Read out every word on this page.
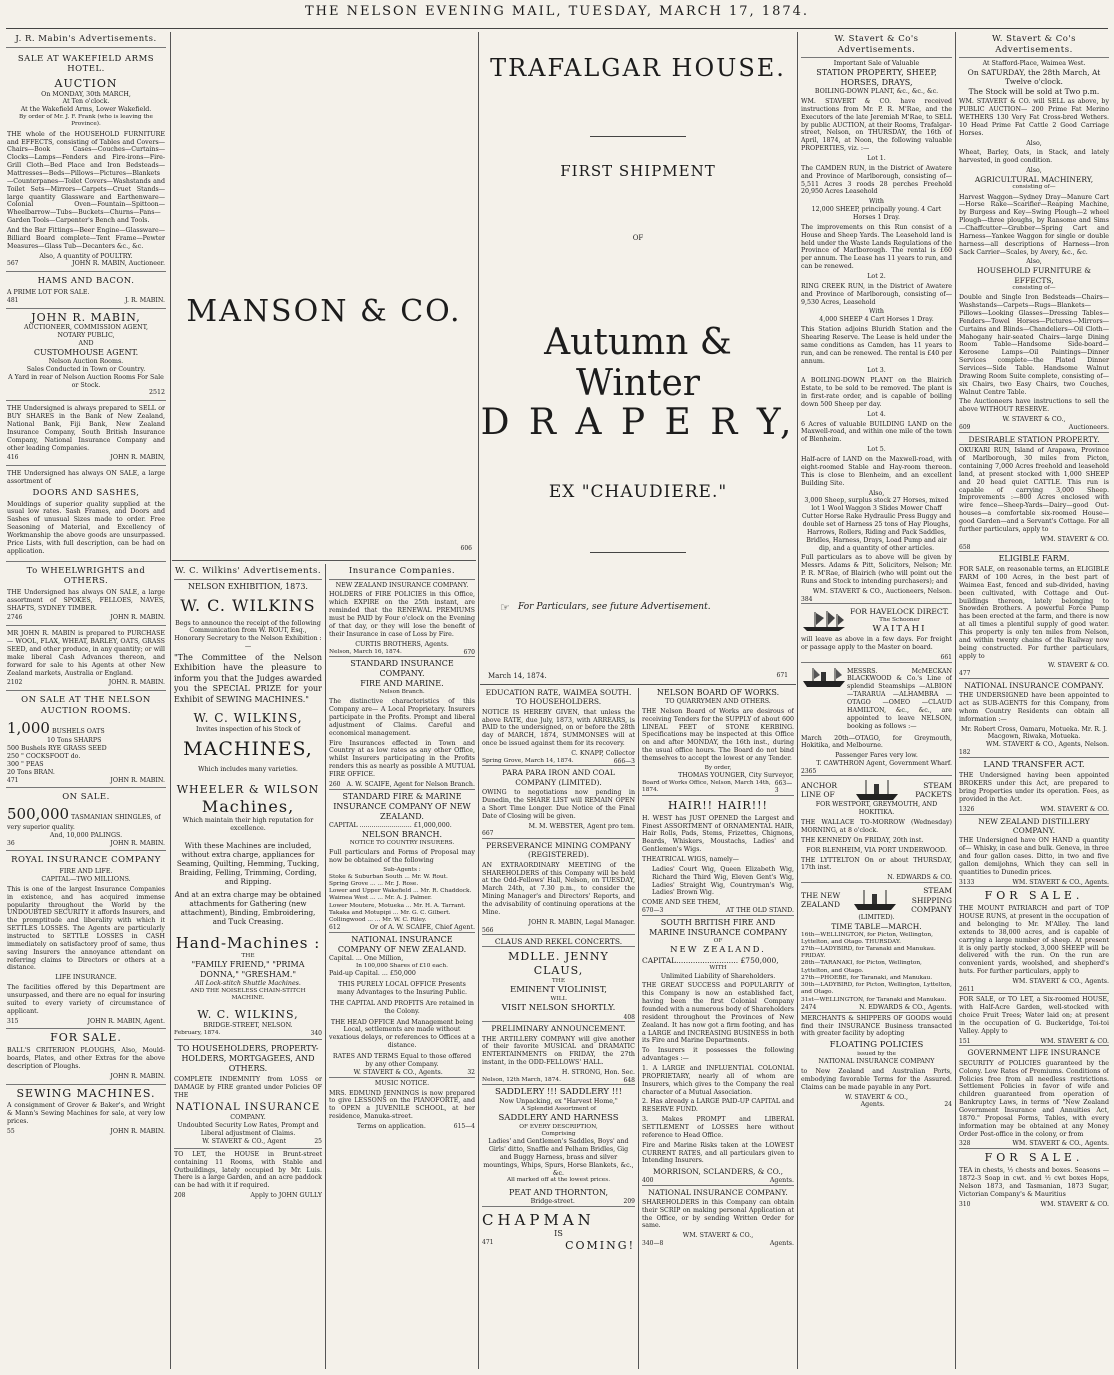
THE NELSON EVENING MAIL, TUESDAY, MARCH 17, 1874.
J. R. Mabin's Advertisements.
SALE AT WAKEFIELD ARMS HOTEL.
AUCTION
On MONDAY, 30th MARCH,
At Ten o'clock.
At the Wakefield Arms, Lower Wakefield.
By order of Mr. J. F. Frank (who is leaving the Province).
THE whole of the HOUSEHOLD FURNITURE and EFFECTS, consisting of Tables and Covers—Chairs—Book Cases—Couches—Curtains—Clocks—Lamps—Fenders and Fire-irons—Fire-Grill Cloth—Bed Place and Iron Bedsteads—Mattresses—Beds—Pillows—Pictures—Blankets—Counterpanes—Toilet Covers—Washstands and Toilet Sets—Mirrors—Carpets—Cruet Stands—large quantity Glassware and Earthenware—Colonial Oven—Fountain—Spittoon—Wheelbarrow—Tubs—Buckets—Churns—Pans—Garden Tools—Carpenter's Bench and Tools.
And the Bar Fittings—Beer Engine—Glassware—Billiard Board complete—Tent Frame—Pewter Measures—Glass Tub—Decanters &c., &c.
Also, A quantity of POULTRY.
567	JOHN R. MABIN, Auctioneer.
HAMS AND BACON.
A PRIME LOT FOR SALE.
481	J. R. MABIN.
JOHN R. MABIN,
AUCTIONEER, COMMISSION AGENT,
NOTARY PUBLIC,
AND
CUSTOMHOUSE AGENT.
Nelson Auction Rooms.
Sales Conducted in Town or Country.
A Yard in rear of Nelson Auction Rooms For Sale or Stock.
2512
THE Undersigned is always prepared to SELL or BUY SHARES in the Bank of New Zealand, National Bank, Fiji Bank, New Zealand Insurance Company, South British Insurance Company, National Insurance Company and other leading Companies.
416	JOHN R. MABIN,
THE Undersigned has always ON SALE, a large assortment of
DOORS AND SASHES,
Mouldings of superior quality supplied at the usual low rates. Sash Frames, and Doors and Sashes of unusual Sizes made to order. Free Seasoning of Material, and Excellency of Workmanship the above goods are unsurpassed. Price Lists, with full description, can be had on application.
To WHEELWRIGHTS and OTHERS.
THE Undersigned has always ON SALE, a large assortment of SPOKES, FELLOES, NAVES, SHAFTS, SYDNEY TIMBER.
2746	JOHN R. MABIN.
MR JOHN R. MABIN is prepared to PURCHASE— WOOL, FLAX, WHEAT, BARLEY, OATS, GRASS SEED, and other produce, in any quantity; or will make liberal Cash Advances thereon, and forward for sale to his Agents at other New Zealand markets, Australia or England.
2102	JOHN. R. MABIN.
ON SALE AT THE NELSON AUCTION ROOMS.
1,000 BUSHELS OATS
10 Tons SHARPS
500 Bushels RYE GRASS SEED
250 " COCKSFOOT do.
300 " PEAS
20 Tons BRAN.
471	JOHN R. MABIN.
ON SALE.
500,000 TASMANIAN SHINGLES, of very superior quality.
And, 10,000 PALINGS.
36	JOHN R. MABIN.
ROYAL INSURANCE COMPANY
FIRE AND LIFE.
CAPITAL—TWO MILLIONS.
This is one of the largest Insurance Companies in existence, and has acquired immense popularity throughout the World by the UNDOUBTED SECURITY it affords Insurers, and the promptitude and liberality with which it SETTLES LOSSES. The Agents are particularly instructed to SETTLE LOSSES in CASH immediately on satisfactory proof of same, thus saving Insurers the annoyance attendant on referring claims to Directors or others at a distance.
LIFE INSURANCE.
The facilities offered by this Department are unsurpassed, and there are no equal for insuring suited to every variety of circumstance of applicant.
315	JOHN R. MABIN, Agent.
FOR SALE.
BALL'S CRITERION PLOUGHS, Also, Mould-boards, Plates, and other Extras for the above description of Ploughs.
JOHN R. MABIN.
SEWING MACHINES.
A consignment of Grover & Baker's, and Wright & Mann's Sewing Machines for sale, at very low prices.
55	JOHN R. MABIN.
MANSON & CO.
606
W. C. Wilkins' Advertisements.
NELSON EXHIBITION, 1873.
W. C. WILKINS
Begs to announce the receipt of the following Communication from W. ROUT, Esq., Honorary Secretary to the Nelson Exhibition :—
"The Committee of the Nelson Exhibition have the pleasure to inform you that the Judges awarded you the SPECIAL PRIZE for your Exhibit of SEWING MACHINES."
W. C. WILKINS,
Invites inspection of his Stock of
MACHINES,
Which includes many varieties.
WHEELER & WILSON
Machines,
Which maintain their high reputation for excellence.
With these Machines are included, without extra charge, appliances for Seaming, Quilting, Hemming, Tucking, Braiding, Felling, Trimming, Cording, and Ripping.
And at an extra charge may be obtained attachments for Gathering (new attachment), Binding, Embroidering, and Tuck Creasing.
Hand-Machines :
THE
"FAMILY FRIEND," "PRIMA DONNA," "GRESHAM."
All Lock-stitch Shuttle Machines.
AND THE NOISELESS CHAIN-STITCH MACHINE.
W. C. WILKINS,
BRIDGE-STREET, NELSON.
February, 1874.	340
TO HOUSEHOLDERS, PROPERTY-HOLDERS, MORTGAGEES, AND OTHERS.
COMPLETE INDEMNITY from LOSS or DAMAGE by FIRE granted under Policies OF THE
NATIONAL INSURANCE
COMPANY.
Undoubted Security Low Rates, Prompt and Liberal adjustment of Claims.
W. STAVERT & CO., Agent	25
TO LET, the HOUSE in Brunt-street containing 11 Rooms, with Stable and Outbuildings, lately occupied by Mr. Luis. There is a large Garden, and an acre paddock can be had with it if required.
208	Apply to JOHN GULLY
Insurance Companies.
NEW ZEALAND INSURANCE COMPANY.
HOLDERS of FIRE POLICIES in this Office, which EXPIRE on the 25th instant, are reminded that the RENEWAL PREMIUMS must be PAID by Four o'clock on the Evening of that day, or they will lose the benefit of their Insurance in case of Loss by Fire.
CURTIS BROTHERS, Agents.
Nelson, March 16, 1874.	670
STANDARD INSURANCE COMPANY.
FIRE AND MARINE.
Nelson Branch.
The distinctive characteristics of this Company are— A Local Proprietary. Insurers participate in the Profits. Prompt and liberal adjustment of Claims. Careful and economical management.
Fire Insurances effected in Town and Country at as low rates as any other Office, whilst Insurers participating in the Profits renders this as nearly as possible A MUTUAL FIRE OFFICE.
260 A. W. SCAIFE, Agent for Nelson Branch.
STANDARD FIRE & MARINE INSURANCE COMPANY OF NEW ZEALAND.
CAPITAL .......................... £1,000,000.
NELSON BRANCH.
NOTICE TO COUNTRY INSURERS.
Full particulars and Forms of Proposal may now be obtained of the following
Sub-Agents :
Stoke & Suburban South ... Mr. W. Rout.
Spring Grove ... ... Mr. J. Rose.
Lower and Upper Wakefield ... Mr. R. Chaddock.
Waimea West ... ... Mr. A. J. Palmer.
Lower Moutere, Motueka ... Mr. H. A. Tarrant.
Takaka and Motupipi ... Mr. G. C. Gilbert.
Collingwood ... ... Mr. W. C. Riley.
612	Or of A. W. SCAIFE, Chief Agent.
NATIONAL INSURANCE COMPANY OF NEW ZEALAND.
Capital. ... One Million,
In 100,000 Shares of £10 each.
Paid-up Capital. ... £50,000
THIS PURELY LOCAL OFFICE Presents many Advantages to the Insuring Public.
THE CAPITAL AND PROFITS Are retained in the Colony.
THE HEAD OFFICE And Management being Local, settlements are made without vexatious delays, or references to Offices at a distance.
RATES AND TERMS Equal to those offered by any other Company.
W. STAVERT & CO., Agents.	32
MUSIC NOTICE.
MRS. EDMUND JENNINGS is now prepared to give LESSONS on the PIANOFORTE, and to OPEN a JUVENILE SCHOOL, at her residence, Manuka-street.
Terms on application.	615—4
TRAFALGAR HOUSE.
FIRST SHIPMENT
OF
Autumn & Winter
D R A P E R Y,
EX "CHAUDIERE."
☞ For Particulars, see future Advertisement.
March 14, 1874.	671
EDUCATION RATE, WAIMEA SOUTH.
TO HOUSEHOLDERS.
NOTICE IS HEREBY GIVEN, that unless the above RATE, due July, 1873, with ARREARS, is PAID to the undersigned, on or before the 28th day of MARCH, 1874, SUMMONSES will at once be issued against them for its recovery.
C. KNAPP, Collector
Spring Grove, March 14, 1874.	666—3
PARA PARA IRON AND COAL COMPANY (LIMITED).
OWING to negotiations now pending in Dunedin, the SHARE LIST will REMAIN OPEN a Short Time Longer. Due Notice of the Final Date of Closing will be given.
M. M. WEBSTER, Agent pro tem.
667
PERSEVERANCE MINING COMPANY (REGISTERED).
AN EXTRAORDINARY MEETING of the SHAREHOLDERS of this Company will be held at the Odd-Fellows' Hall, Nelson, on TUESDAY, March 24th, at 7.30 p.m., to consider the Mining Manager's and Directors' Reports, and the advisability of continuing operations at the Mine.
JOHN R. MABIN, Legal Manager.
566
CLAUS AND REKEL CONCERTS.
MDLLE. JENNY CLAUS,
THE
EMINENT VIOLINIST,
WILL
VISIT NELSON SHORTLY.
408
PRELIMINARY ANNOUNCEMENT.
THE ARTILLERY COMPANY will give another of their favorite MUSICAL and DRAMATIC ENTERTAINMENTS on FRIDAY, the 27th instant, in the ODD-FELLOWS' HALL.
H. STRONG, Hon. Sec.
Nelson, 12th March, 1874.	648
SADDLERY !!! SADDLERY !!!
Now Unpacking, ex "Harvest Home,"
A Splendid Assortment of
SADDLERY AND HARNESS
OF EVERY DESCRIPTION,
Comprising
Ladies' and Gentlemen's Saddles, Boys' and Girls' ditto, Snaffle and Pelham Bridles, Gig and Buggy Harness, brass and silver mountings, Whips, Spurs, Horse Blankets, &c., &c.
All marked off at the lowest prices.
PEAT AND THORNTON,
Bridge-street.	209
CHAPMAN
IS
471	COMING!
NELSON BOARD OF WORKS.
TO QUARRYMEN AND OTHERS.
THE Nelson Board of Works are desirous of receiving Tenders for the SUPPLY of about 600 LINEAL FEET of STONE KERBING. Specifications may be inspected at this Office on and after MONDAY, the 16th inst., during the usual office hours. The Board do not bind themselves to accept the lowest or any Tender.
By order,
THOMAS YOUNGER, City Surveyor,
Board of Works Office, Nelson, March 14th, 1874.
663—3
HAIR!! HAIR!!!
H. WEST has JUST OPENED the Largest and Finest ASSORTMENT of ORNAMENTAL HAIR, Hair Rolls, Pads, Stems, Frizettes, Chignons, Beards, Whiskers, Moustachs, Ladies' and Gentlemen's Wigs.
THEATRICAL WIGS, namely—
Ladies' Court Wig, Queen Elizabeth Wig, Richard the Third Wig, Eleven Gent's Wig, Ladies' Straight Wig, Countryman's Wig, Ladies' Brown Wig.
COME AND SEE THEM,
670—3	AT THE OLD STAND.
SOUTH BRITISH FIRE AND MARINE INSURANCE COMPANY
OF
NEW ZEALAND.
CAPITAL.......................... £750,000,
WITH
Unlimited Liability of Shareholders.
THE GREAT SUCCESS and POPULARITY of this Company is now an established fact, having been the first Colonial Company founded with a numerous body of Shareholders resident throughout the Provinces of New Zealand. It has now got a firm footing, and has a LARGE and INCREASING BUSINESS in both its Fire and Marine Departments.
To Insurers it possesses the following advantages :—
1. A LARGE and INFLUENTIAL COLONIAL PROPRIETARY, nearly all of whom are Insurers, which gives to the Company the real character of a Mutual Association.
2. Has already a LARGE PAID-UP CAPITAL and RESERVE FUND.
3. Makes PROMPT and LIBERAL SETTLEMENT of LOSSES here without reference to Head Office.
Fire and Marine Risks taken at the LOWEST CURRENT RATES, and all particulars given to Intending Insurers.
MORRISON, SCLANDERS, & CO.,
400	Agents.
NATIONAL INSURANCE COMPANY.
SHAREHOLDERS in this Company can obtain their SCRIP on making personal Application at the Office, or by sending Written Order for same.
WM. STAVERT & CO.,
340—8	Agents.
W. Stavert & Co's Advertisements.
Important Sale of Valuable
STATION PROPERTY, SHEEP, HORSES, DRAYS,
BOILING-DOWN PLANT, &c., &c., &c.
WM. STAVERT & CO. have received instructions from Mr. P. R. M'Rae, and the Executors of the late Jeremiah M'Rae, to SELL by public AUCTION, at their Rooms, Trafalgar-street, Nelson, on THURSDAY, the 16th of April, 1874, at Noon, the following valuable PROPERTIES, viz. :—
Lot 1.
The CAMDEN RUN, in the District of Awatere and Province of Marlborough, consisting of— 5,511 Acres 3 roods 28 perches Freehold 20,950 Acres Leasehold
With
12,000 SHEEP, principally young. 4 Cart Horses 1 Dray.
The improvements on this Run consist of a House and Sheep Yards. The Leasehold land is held under the Waste Lands Regulations of the Province of Marlborough. The rental is £60 per annum. The Lease has 11 years to run, and can be renewed.
Lot 2.
RING CREEK RUN, in the District of Awatere and Province of Marlborough, consisting of— 9,530 Acres, Leasehold
With
4,000 SHEEP 4 Cart Horses 1 Dray.
This Station adjoins Bluridh Station and the Shearing Reserve. The Lease is held under the same conditions as Camden, has 11 years to run, and can be renewed. The rental is £40 per annum.
Lot 3.
A BOILING-DOWN PLANT on the Blairich Estate, to be sold to be removed. The plant is in first-rate order, and is capable of boiling down 500 Sheep per day.
Lot 4.
6 Acres of valuable BUILDING LAND on the Maxwell-road, and within one mile of the town of Blenheim.
Lot 5.
Half-acre of LAND on the Maxwell-road, with eight-roomed Stable and Hay-room thereon. This is close to Blenheim, and an excellent Building Site.
Also,
3,000 Sheep, surplus stock 27 Horses, mixed lot 1 Wool Waggon 3 Slides Mower Chaff Cutter Horse Rake Hydraulic Press Buggy and double set of Harness 25 tons of Hay Ploughs, Harrows, Rollers, Riding and Pack Saddles, Bridles, Harness, Drays, Load Pump and air dip, and a quantity of other articles.
Full particulars as to above will be given by Messrs. Adams & Pitt, Solicitors, Nelson; Mr. P. R. M'Rae, of Blairich (who will point out the Runs and Stock to intending purchasers); and
WM. STAVERT & CO., Auctioneers, Nelson.
384
FOR HAVELOCK DIRECT.
The Schooner
WAITAHI
will leave as above in a few days. For freight or passage apply to the Master on board.
661
MESSRS. McMECKAN BLACKWOOD & Co.'s Line of splendid Steamships —ALBION —TARARUA —ALHAMBRA —OTAGO —OMEO —CLAUD HAMILTON, &c., &c., are appointed to leave NELSON, booking as follows :—
March 20th—OTAGO, for Greymouth, Hokitika, and Melbourne.
Passenger Fares very low.
T. CAWTHRON Agent, Government Wharf.
2365
ANCHOR LINE OF
STEAM PACKETS
FOR WESTPORT, GREYMOUTH, AND HOKITIKA.
THE WALLACE TO-MORROW (Wednesday) MORNING, at 8 o'clock.
THE KENNEDY On FRIDAY, 20th inst.
FOR BLENHEIM, VIA PORT UNDERWOOD.
THE LYTTELTON On or about THURSDAY, 17th inst.
N. EDWARDS & CO.
THE NEW ZEALAND
STEAM SHIPPING COMPANY
(LIMITED).
TIME TABLE—MARCH.
16th—WELLINGTON, for Picton, Wellington, Lyttelton, and Otago. THURSDAY.
27th—LADYBIRD, for Taranaki and Manukau. FRIDAY.
28th—TARANAKI, for Picton, Wellington, Lyttelton, and Otago.
27th—PHOEBE, for Taranaki, and Manukau.
30th—LADYBIRD, for Picton, Wellington, Lyttelton, and Otago.
31st—WELLINGTON, for Taranaki and Manukau.
2474	N. EDWARDS & CO., Agents.
MERCHANTS & SHIPPERS OF GOODS would find their INSURANCE Business transacted with greater facility by adopting
FLOATING POLICIES
issued by the
NATIONAL INSURANCE COMPANY
to New Zealand and Australian Ports, embodying favorable Terms for the Assured. Claims can be made payable in any Port.
W. STAVERT & CO.,
Agents.	24
W. Stavert & Co's Advertisements.
At Stafford-Place, Waimea West.
On SATURDAY, the 28th March, At Twelve o'clock.
The Stock will be sold at Two p.m.
WM. STAVERT & CO. will SELL as above, by PUBLIC AUCTION— 200 Prime Fat Merino WETHERS 130 Very Fat Cross-bred Wethers. 10 Head Prime Fat Cattle 2 Good Carriage Horses.
Also,
Wheat, Barley, Oats, in Stack, and lately harvested, in good condition.
Also,
AGRICULTURAL MACHINERY,
consisting of—
Harvest Waggon—Sydney Dray—Manure Cart—Horse Rake—Scarifier—Reaping Machine, by Burgess and Key—Swing Plough—2 wheel Plough—three ploughs, by Ransome and Sims—Chaffcutter—Grubber—Spring Cart and Harness—Yankee Waggon for single or double harness—all descriptions of Harness—Iron Sack Carrier—Scales, by Avery, &c., &c.
Also,
HOUSEHOLD FURNITURE & EFFECTS,
consisting of—
Double and Single Iron Bedsteads—Chairs—Washstands—Carpets—Rugs—Blankets—Pillows—Looking Glasses—Dressing Tables—Fenders—Towel Horses—Pictures—Mirrors—Curtains and Blinds—Chandeliers—Oil Cloth—Mahogany hair-seated Chairs—large Dining Room Table—Handsome Side-board—Kerosene Lamps—Oil Paintings—Dinner Services complete—the Plated Dinner Services—Side Table. Handsome Walnut Drawing Room Suite complete, consisting of—six Chairs, two Easy Chairs, two Couches, Walnut Centre Table.
The Auctioneers have instructions to sell the above WITHOUT RESERVE.
W. STAVERT & CO.,
609	Auctioneers.
DESIRABLE STATION PROPERTY.
OKUKARI RUN, Island of Arapawa, Province of Marlborough, 30 miles from Picton, containing 7,000 Acres freehold and leasehold land, at present stocked with 1,000 SHEEP and 20 head quiet CATTLE. This run is capable of carrying 3,000 Sheep. Improvements :—800 Acres enclosed with wire fence—Sheep-Yards—Dairy—good Out-houses—a comfortable six-roomed House—good Garden—and a Servant's Cottage. For all further particulars, apply to
WM. STAVERT & CO.
658
ELIGIBLE FARM.
FOR SALE, on reasonable terms, an ELIGIBLE FARM of 100 Acres, in the best part of Waimea East, fenced and sub-divided, having been cultivated, with Cottage and Out-buildings thereon, lately belonging to Snowden Brothers. A powerful Force Pump has been erected at the farm, and there is now at all times a plentiful supply of good water. This property is only ten miles from Nelson, and within twenty chains of the Railway now being constructed. For further particulars, apply to
W. STAVERT & CO.
477
NATIONAL INSURANCE COMPANY.
THE UNDERSIGNED have been appointed to act as SUB-AGENTS for this Company, from whom Country Residents can obtain all information :—
Mr. Robert Cross, Oamaru, Motueka. Mr. R. J. Macgown, Riwaka, Motueka.
WM. STAVERT & CO., Agents, Nelson.
182
LAND TRANSFER ACT.
THE Undersigned having been appointed BROKERS under this Act, are prepared to bring Properties under its operation. Fees, as provided in the Act.
1326	WM. STAVERT & CO.
NEW ZEALAND DISTILLERY COMPANY.
THE Undersigned have ON HAND a quantity of— Whisky, in case and bulk. Geneva, in three and four gallon cases. Ditto, in two and five gallon demijohns, Which they can sell in quantities to Dunedin prices.
3133	WM. STAVERT & CO., Agents.
FOR SALE.
THE MOUNT PATRIARCH and part of TOP HOUSE RUNS, at present in the occupation of and belonging to Mr. M'Alley. The land extends to 38,000 acres, and is capable of carrying a large number of sheep. At present it is only partly stocked, 3,000 SHEEP will be delivered with the run. On the run are convenient yards, woolshed, and shepherd's huts. For further particulars, apply to
WM. STAVERT & CO., Agents.
2611
FOR SALE, or TO LET, a Six-roomed HOUSE, with Half-Acre Garden, well-stocked with choice Fruit Trees; Water laid on; at present in the occupation of G. Buckeridge, Toi-toi Valley. Apply to
151	WM. STAVERT & CO.
GOVERNMENT LIFE INSURANCE
SECURITY of POLICIES guaranteed by the Colony. Low Rates of Premiums. Conditions of Policies free from all needless restrictions. Settlement Policies in favor of wife and children guaranteed from operation of Bankruptcy Laws, in terms of "New Zealand Government Insurance and Annuities Act, 1870." Proposal Forms, Tables, with every information may be obtained at any Money Order Post-office in the colony, or from
328	WM. STAVERT & CO., Agents.
FOR SALE.
TEA in chests, ½ chests and boxes. Seasons —1872-3 Soap in cwt. and ½ cwt boxes Hops, Nelson 1873, and Tasmanian, 1873 Sugar, Victorian Company's & Mauritius
310	WM. STAVERT & CO.
